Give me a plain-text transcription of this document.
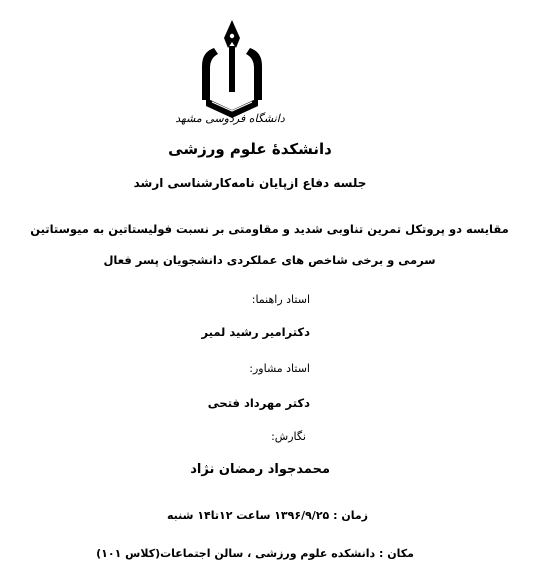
دانشگاه فردوسی مشهد
دانشکدۀ علوم ورزشی
جلسه دفاع ازپایان نامه‌کارشناسی ارشد
مقایسه دو پروتکل تمرین تناوبی شدید و مقاومتی بر نسبت فولیستاتین به میوستاتین
سرمی و برخی شاخص های عملکردی دانشجویان پسر فعال
استاد راهنما:
دکترامیر رشید لمیر
استاد مشاور:
دکتر مهرداد فتحی
نگارش:
محمدجواد رمضان نژاد
زمان : ۱۳۹۶/۹/۲۵ ساعت ۱۲تا۱۴ شنبه
مکان : دانشکده علوم ورزشی ، سالن اجتماعات(کلاس ۱۰۱)
